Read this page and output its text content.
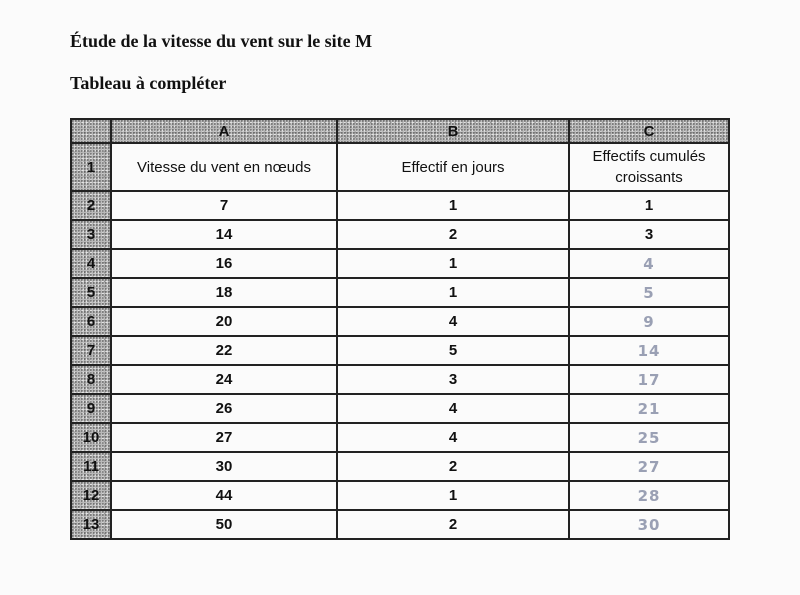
Étude de la vitesse du vent sur le site M
Tableau à compléter
	A	B	C
1	Vitesse du vent en nœuds	Effectif en jours	Effectifs cumulés croissants
2	7	1	1
3	14	2	3
4	16	1	4
5	18	1	5
6	20	4	9
7	22	5	14
8	24	3	17
9	26	4	21
10	27	4	25
11	30	2	27
12	44	1	28
13	50	2	30
